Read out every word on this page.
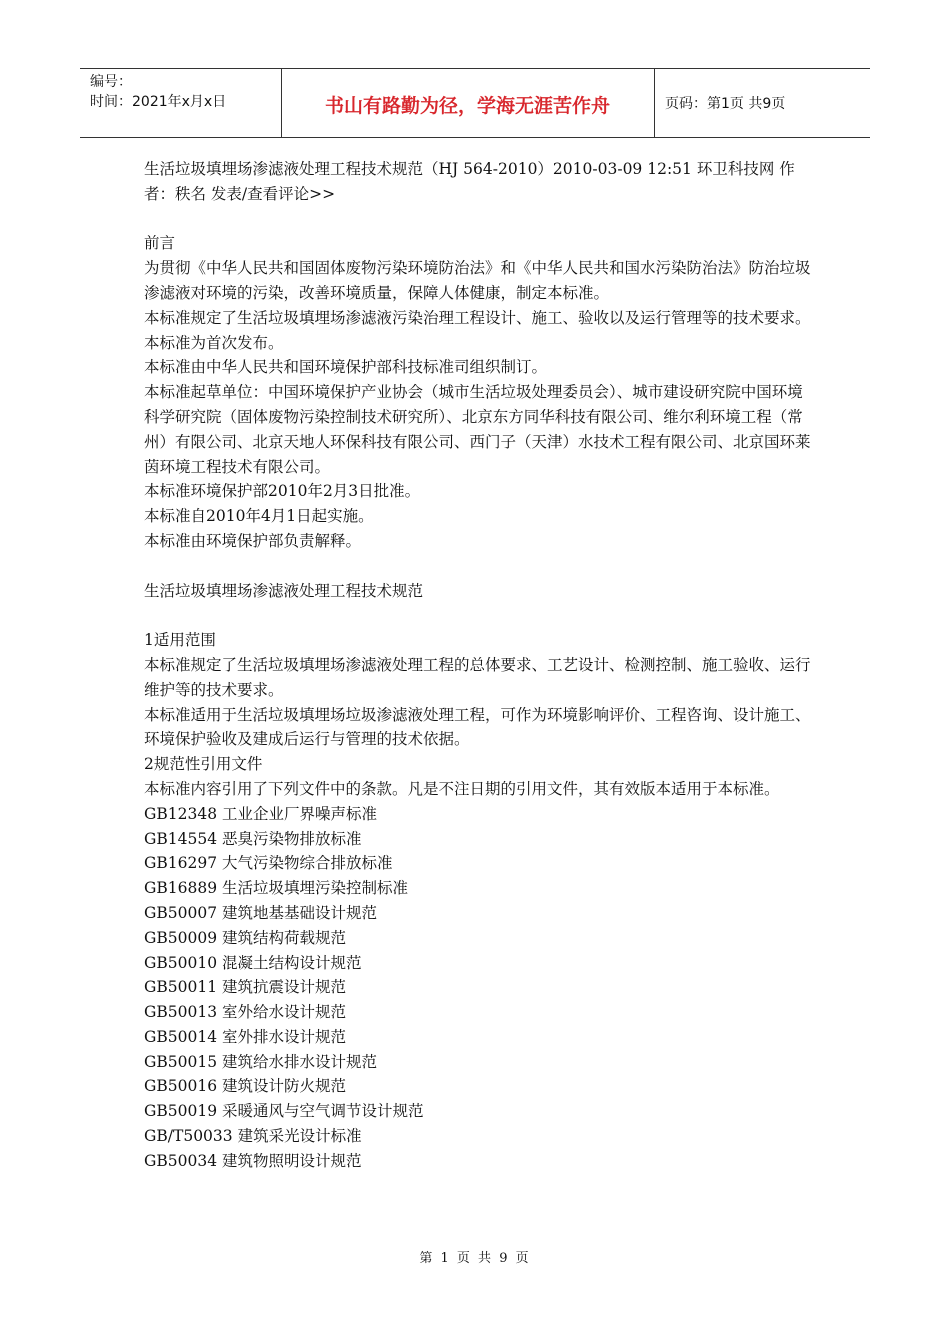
编号：
时间：2021年x月x日	书山有路勤为径，学海无涯苦作舟	页码：第1页 共9页

生活垃圾填埋场渗滤液处理工程技术规范（HJ 564-2010）2010-03-09 12:51 环卫科技网 作者：秩名 发表/查看评论>>

前言

为贯彻《中华人民共和国固体废物污染环境防治法》和《中华人民共和国水污染防治法》防治垃圾渗滤液对环境的污染，改善环境质量，保障人体健康，制定本标准。

本标准规定了生活垃圾填埋场渗滤液污染治理工程设计、施工、验收以及运行管理等的技术要求。

本标准为首次发布。

本标准由中华人民共和国环境保护部科技标准司组织制订。

本标准起草单位：中国环境保护产业协会（城市生活垃圾处理委员会）、城市建设研究院中国环境科学研究院（固体废物污染控制技术研究所）、北京东方同华科技有限公司、维尔利环境工程（常州）有限公司、北京天地人环保科技有限公司、西门子（天津）水技术工程有限公司、北京国环莱茵环境工程技术有限公司。

本标准环境保护部2010年2月3日批准。

本标准自2010年4月1日起实施。

本标准由环境保护部负责解释。

生活垃圾填埋场渗滤液处理工程技术规范

1适用范围

本标准规定了生活垃圾填埋场渗滤液处理工程的总体要求、工艺设计、检测控制、施工验收、运行维护等的技术要求。

本标准适用于生活垃圾填埋场垃圾渗滤液处理工程，可作为环境影响评价、工程咨询、设计施工、环境保护验收及建成后运行与管理的技术依据。

2规范性引用文件

本标准内容引用了下列文件中的条款。凡是不注日期的引用文件，其有效版本适用于本标准。

GB12348 工业企业厂界噪声标准

GB14554 恶臭污染物排放标准

GB16297 大气污染物综合排放标准

GB16889 生活垃圾填埋污染控制标准

GB50007 建筑地基基础设计规范

GB50009 建筑结构荷载规范

GB50010 混凝土结构设计规范

GB50011 建筑抗震设计规范

GB50013 室外给水设计规范

GB50014 室外排水设计规范

GB50015 建筑给水排水设计规范

GB50016 建筑设计防火规范

GB50019 采暖通风与空气调节设计规范

GB/T50033 建筑采光设计标准

GB50034 建筑物照明设计规范

第 1 页 共 9 页
